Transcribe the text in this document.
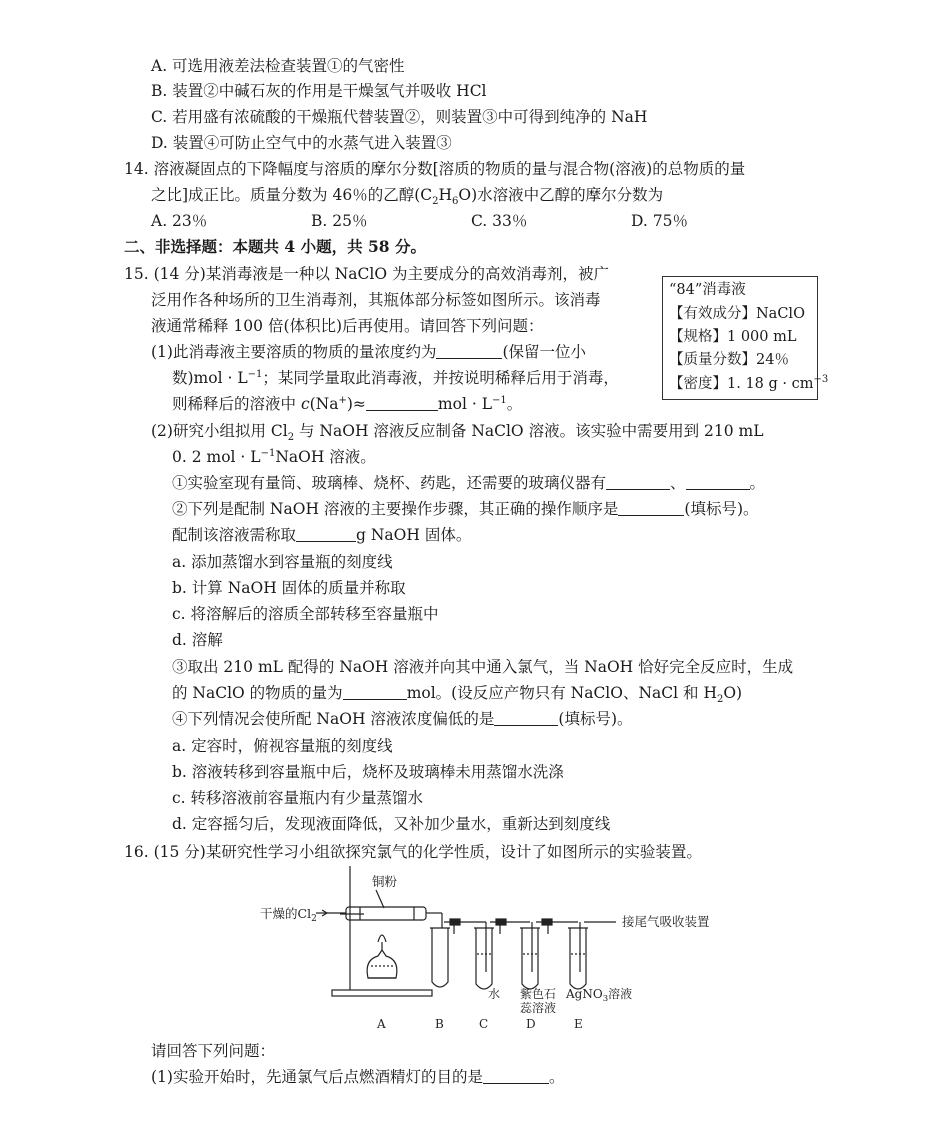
A. 可选用液差法检查装置①的气密性
B. 装置②中碱石灰的作用是干燥氢气并吸收 HCl
C. 若用盛有浓硫酸的干燥瓶代替装置②，则装置③中可得到纯净的 NaH
D. 装置④可防止空气中的水蒸气进入装置③
14. 溶液凝固点的下降幅度与溶质的摩尔分数[溶质的物质的量与混合物(溶液)的总物质的量
之比]成正比。质量分数为 46％的乙醇$(C_2H_6O)$水溶液中乙醇的摩尔分数为
A. 23％	B. 25％	C. 33％	D. 75％
二、非选择题：本题共 4 小题，共 58 分。
15. (14 分)某消毒液是一种以 NaClO 为主要成分的高效消毒剂，被广
泛用作各种场所的卫生消毒剂，其瓶体部分标签如图所示。该消毒
液通常稀释 100 倍(体积比)后再使用。请回答下列问题：
(1)此消毒液主要溶质的物质的量浓度约为	(保留一位小
数)$mol \cdot L^{-1}$；某同学量取此消毒液，并按说明稀释后用于消毒，
则稀释后的溶液中 c(Na+)≈	mol · $L^{-1}$。
“84”消毒液
【有效成分】NaClO
【规格】1 000 mL
【质量分数】24％
【密度】1. 18 $g \cdot cm^{-3}$
(2)研究小组拟用 $Cl_2$ 与 NaOH 溶液反应制备 NaClO 溶液。该实验中需要用到 210 mL
0. 2 mol · $L^{-1}NaOH$ 溶液。
①实验室现有量筒、玻璃棒、烧杯、药匙，还需要的玻璃仪器有	、	。
②下列是配制 NaOH 溶液的主要操作步骤，其正确的操作顺序是	(填标号)。
配制该溶液需称取	g NaOH 固体。
a. 添加蒸馏水到容量瓶的刻度线
b. 计算 NaOH 固体的质量并称取
c. 将溶解后的溶质全部转移至容量瓶中
d. 溶解
③取出 210 mL 配得的 NaOH 溶液并向其中通入氯气，当 NaOH 恰好完全反应时，生成
的 NaClO 的物质的量为	mol。(设反应产物只有 NaClO、NaCl 和 $H_2O$)
④下列情况会使所配 NaOH 溶液浓度偏低的是	(填标号)。
a. 定容时，俯视容量瓶的刻度线
b. 溶液转移到容量瓶中后，烧杯及玻璃棒未用蒸馏水洗涤
c. 转移溶液前容量瓶内有少量蒸馏水
d. 定容摇匀后，发现液面降低，又补加少量水，重新达到刻度线
16. (15 分)某研究性学习小组欲探究氯气的化学性质，设计了如图所示的实验装置。
干燥的$Cl_2$
铜粉
接尾气吸收装置
水 紫色石
蕊溶液
AgNO$_3$溶液
A	B	C	D	E
请回答下列问题：
(1)实验开始时，先通氯气后点燃酒精灯的目的是	。
